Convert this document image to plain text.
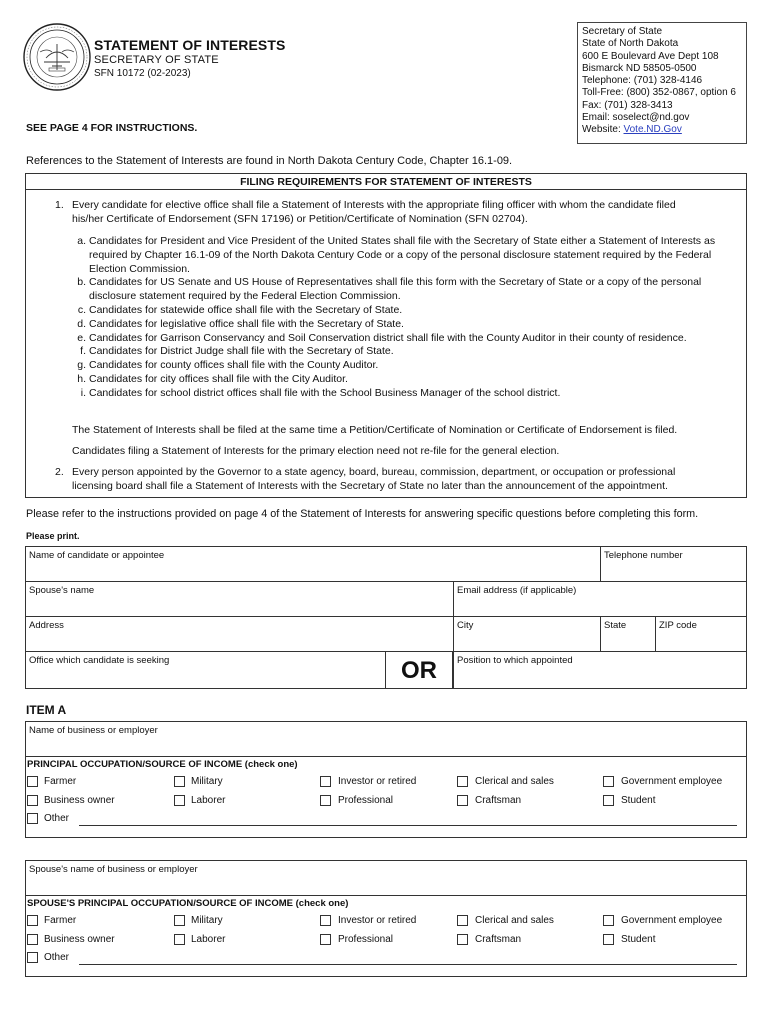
STATEMENT OF INTERESTS
SECRETARY OF STATE
SFN 10172 (02-2023)
SEE PAGE 4 FOR INSTRUCTIONS.
Secretary of State
State of North Dakota
600 E Boulevard Ave Dept 108
Bismarck ND 58505-0500
Telephone: (701) 328-4146
Toll-Free: (800) 352-0867, option 6
Fax: (701) 328-3413
Email: soselect@nd.gov
Website: Vote.ND.Gov
References to the Statement of Interests are found in North Dakota Century Code, Chapter 16.1-09.
FILING REQUIREMENTS FOR STATEMENT OF INTERESTS
1. Every candidate for elective office shall file a Statement of Interests with the appropriate filing officer with whom the candidate filed
his/her Certificate of Endorsement (SFN 17196) or Petition/Certificate of Nomination (SFN 02704).
a. Candidates for President and Vice President of the United States shall file with the Secretary of State either a Statement of Interests as required by Chapter 16.1-09 of the North Dakota Century Code or a copy of the personal disclosure statement required by the Federal Election Commission.
b. Candidates for US Senate and US House of Representatives shall file this form with the Secretary of State or a copy of the personal disclosure statement required by the Federal Election Commission.
c. Candidates for statewide office shall file with the Secretary of State.
d. Candidates for legislative office shall file with the Secretary of State.
e. Candidates for Garrison Conservancy and Soil Conservation district shall file with the County Auditor in their county of residence.
f. Candidates for District Judge shall file with the Secretary of State.
g. Candidates for county offices shall file with the County Auditor.
h. Candidates for city offices shall file with the City Auditor.
i. Candidates for school district offices shall file with the School Business Manager of the school district.
The Statement of Interests shall be filed at the same time a Petition/Certificate of Nomination or Certificate of Endorsement is filed.
Candidates filing a Statement of Interests for the primary election need not re-file for the general election.
2. Every person appointed by the Governor to a state agency, board, bureau, commission, department, or occupation or professional
licensing board shall file a Statement of Interests with the Secretary of State no later than the announcement of the appointment.
Please refer to the instructions provided on page 4 of the Statement of Interests for answering specific questions before completing this form.
Please print.
Name of candidate or appointee	Telephone number
Spouse's name	Email address (if applicable)
Address	City	State	ZIP code
Office which candidate is seeking	OR	Position to which appointed
ITEM A
Name of business or employer
PRINCIPAL OCCUPATION/SOURCE OF INCOME (check one)
Farmer	Military	Investor or retired	Clerical and sales	Government employee
Business owner	Laborer	Professional	Craftsman	Student
Other
Spouse's name of business or employer
SPOUSE'S PRINCIPAL OCCUPATION/SOURCE OF INCOME (check one)
Farmer	Military	Investor or retired	Clerical and sales	Government employee
Business owner	Laborer	Professional	Craftsman	Student
Other
